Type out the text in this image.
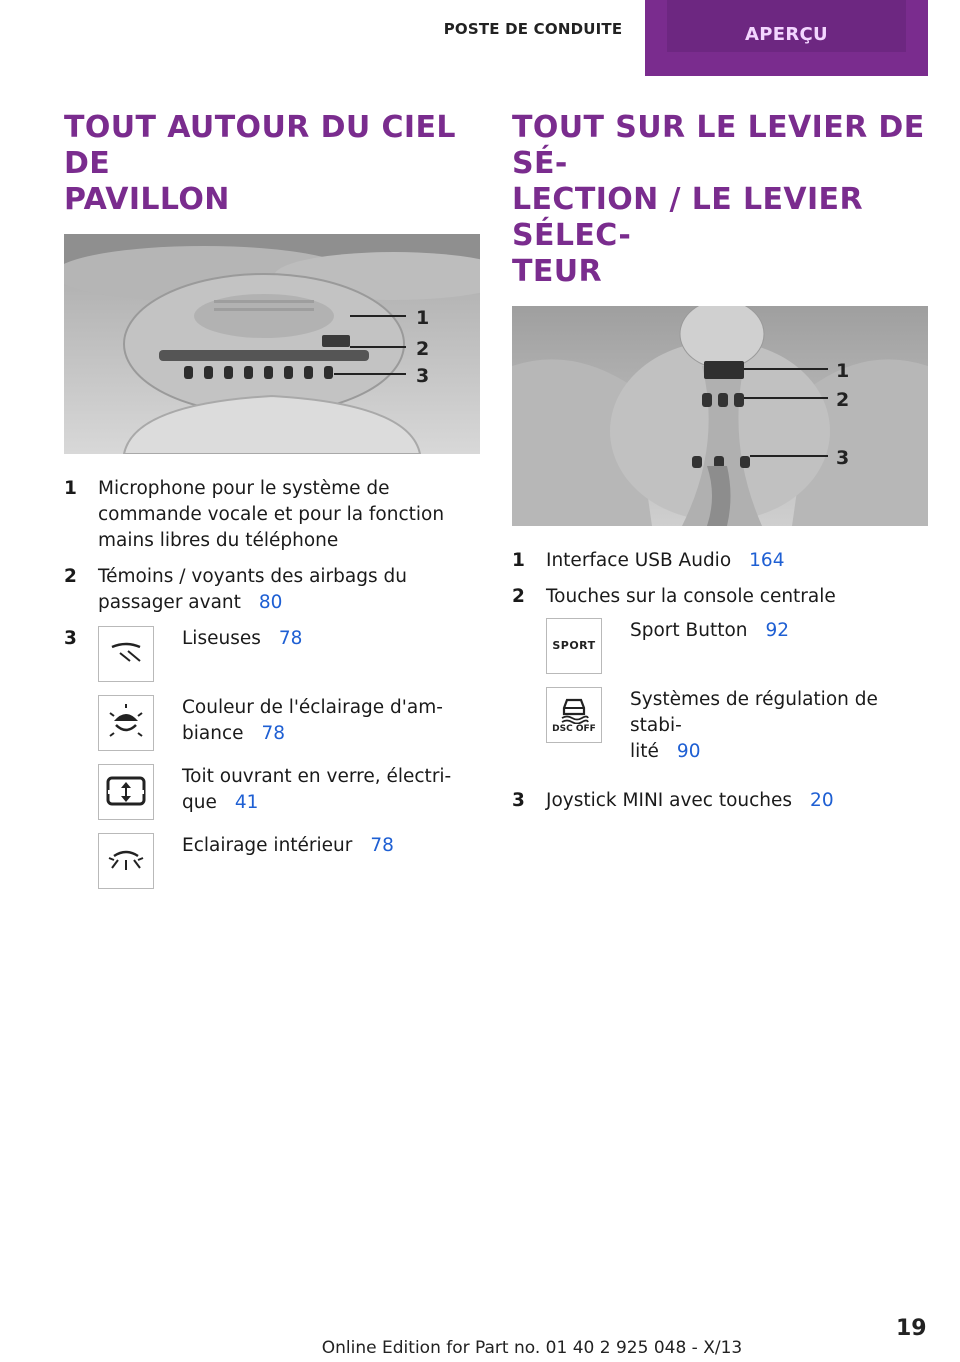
POSTE DE CONDUITE	APERÇU
TOUT AUTOUR DU CIEL DE
PAVILLON
1
2
3
1	Microphone pour le système de commande vocale et pour la fonction mains libres du téléphone
2	Témoins / voyants des airbags du passager avant 80
3	Liseuses 78
Couleur de l'éclairage d'am-
biance 78
Toit ouvrant en verre, électri-
que 41
Eclairage intérieur 78
TOUT SUR LE LEVIER DE SÉ-
LECTION / LE LEVIER SÉLEC-
TEUR
1
2
3
1	Interface USB Audio 164
2	Touches sur la console centrale
SPORT
Sport Button 92
DSC OFF
Systèmes de régulation de stabi-
lité 90
3	Joystick MINI avec touches 20
Online Edition for Part no. 01 40 2 925 048 - X/13
19
